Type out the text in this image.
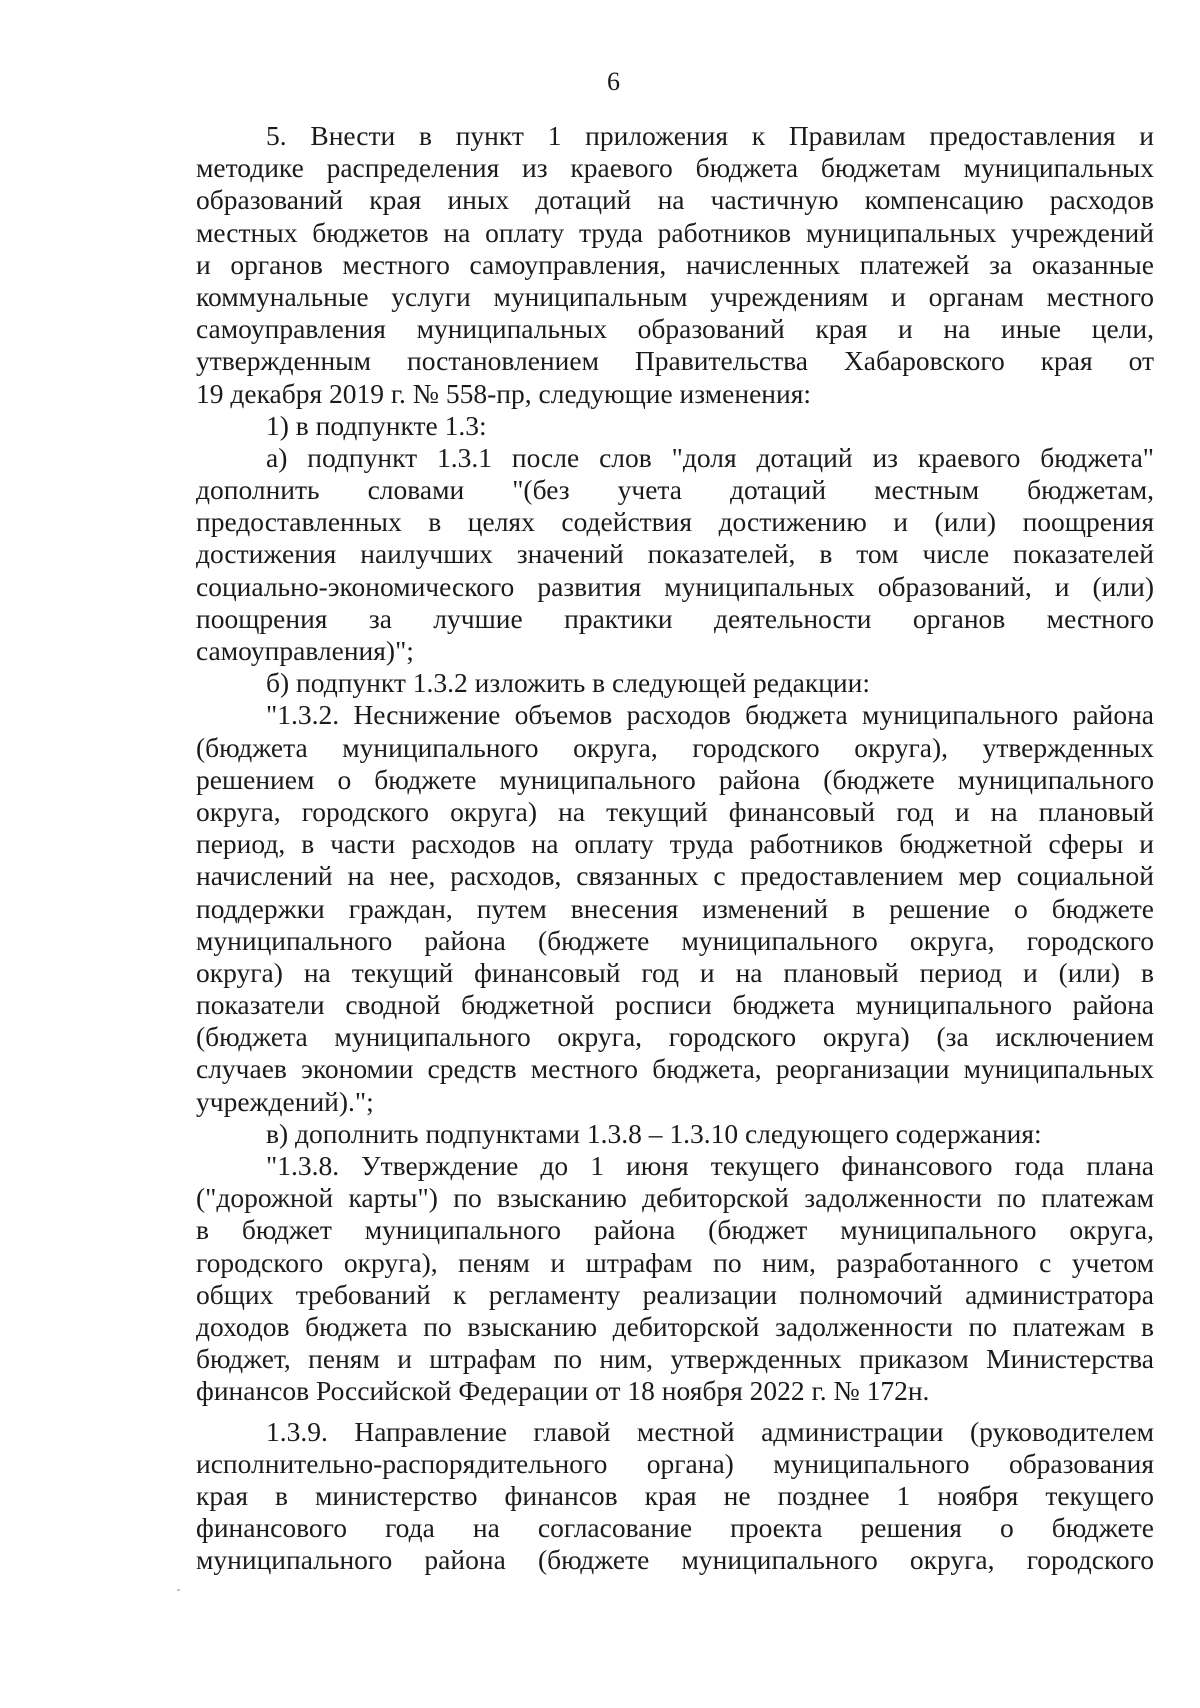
6
5. Внести в пункт 1 приложения к Правилам предоставления и
методике распределения из краевого бюджета бюджетам муниципальных
образований края иных дотаций на частичную компенсацию расходов
местных бюджетов на оплату труда работников муниципальных учреждений
и органов местного самоуправления, начисленных платежей за оказанные
коммунальные услуги муниципальным учреждениям и органам местного
самоуправления муниципальных образований края и на иные цели,
утвержденным постановлением Правительства Хабаровского края от
19 декабря 2019 г. № 558-пр, следующие изменения:
1) в подпункте 1.3:
а) подпункт 1.3.1 после слов "доля дотаций из краевого бюджета"
дополнить словами "(без учета дотаций местным бюджетам,
предоставленных в целях содействия достижению и (или) поощрения
достижения наилучших значений показателей, в том числе показателей
социально-экономического развития муниципальных образований, и (или)
поощрения за лучшие практики деятельности органов местного
самоуправления)";
б) подпункт 1.3.2 изложить в следующей редакции:
"1.3.2. Неснижение объемов расходов бюджета муниципального района
(бюджета муниципального округа, городского округа), утвержденных
решением о бюджете муниципального района (бюджете муниципального
округа, городского округа) на текущий финансовый год и на плановый
период, в части расходов на оплату труда работников бюджетной сферы и
начислений на нее, расходов, связанных с предоставлением мер социальной
поддержки граждан, путем внесения изменений в решение о бюджете
муниципального района (бюджете муниципального округа, городского
округа) на текущий финансовый год и на плановый период и (или) в
показатели сводной бюджетной росписи бюджета муниципального района
(бюджета муниципального округа, городского округа) (за исключением
случаев экономии средств местного бюджета, реорганизации муниципальных
учреждений).";
в) дополнить подпунктами 1.3.8 – 1.3.10 следующего содержания:
"1.3.8. Утверждение до 1 июня текущего финансового года плана
("дорожной карты") по взысканию дебиторской задолженности по платежам
в бюджет муниципального района (бюджет муниципального округа,
городского округа), пеням и штрафам по ним, разработанного с учетом
общих требований к регламенту реализации полномочий администратора
доходов бюджета по взысканию дебиторской задолженности по платежам в
бюджет, пеням и штрафам по ним, утвержденных приказом Министерства
финансов Российской Федерации от 18 ноября 2022 г. № 172н.
1.3.9. Направление главой местной администрации (руководителем
исполнительно-распорядительного органа) муниципального образования
края в министерство финансов края не позднее 1 ноября текущего
финансового года на согласование проекта решения о бюджете
муниципального района (бюджете муниципального округа, городского
